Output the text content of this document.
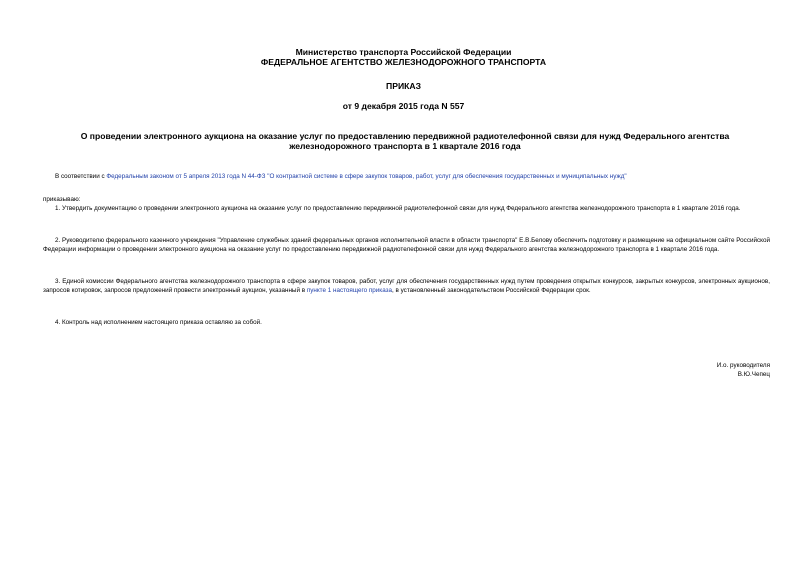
Министерство транспорта Российской Федерации
ФЕДЕРАЛЬНОЕ АГЕНТСТВО ЖЕЛЕЗНОДОРОЖНОГО ТРАНСПОРТА
ПРИКАЗ
от 9 декабря 2015 года N 557
О проведении электронного аукциона на оказание услуг по предоставлению передвижной радиотелефонной связи для нужд Федерального агентства железнодорожного транспорта в 1 квартале 2016 года
В соответствии с Федеральным законом от 5 апреля 2013 года N 44-ФЗ "О контрактной системе в сфере закупок товаров, работ, услуг для обеспечения государственных и муниципальных нужд"
приказываю:
1. Утвердить документацию о проведении электронного аукциона на оказание услуг по предоставлению передвижной радиотелефонной связи для нужд Федерального агентства железнодорожного транспорта в 1 квартале 2016 года.
2. Руководителю федерального казенного учреждения "Управление служебных зданий федеральных органов исполнительной власти в области транспорта" Е.В.Белову обеспечить подготовку и размещение на официальном сайте Российской Федерации информации о проведении электронного аукциона на оказание услуг по предоставлению передвижной радиотелефонной связи для нужд Федерального агентства железнодорожного транспорта в 1 квартале 2016 года.
3. Единой комиссии Федерального агентства железнодорожного транспорта в сфере закупок товаров, работ, услуг для обеспечения государственных нужд путем проведения открытых конкурсов, закрытых конкурсов, электронных аукционов, запросов котировок, запросов предложений провести электронный аукцион, указанный в пункте 1 настоящего приказа, в установленный законодательством Российской Федерации срок.
4. Контроль над исполнением настоящего приказа оставляю за собой.
И.о. руководителя
В.Ю.Чепец
